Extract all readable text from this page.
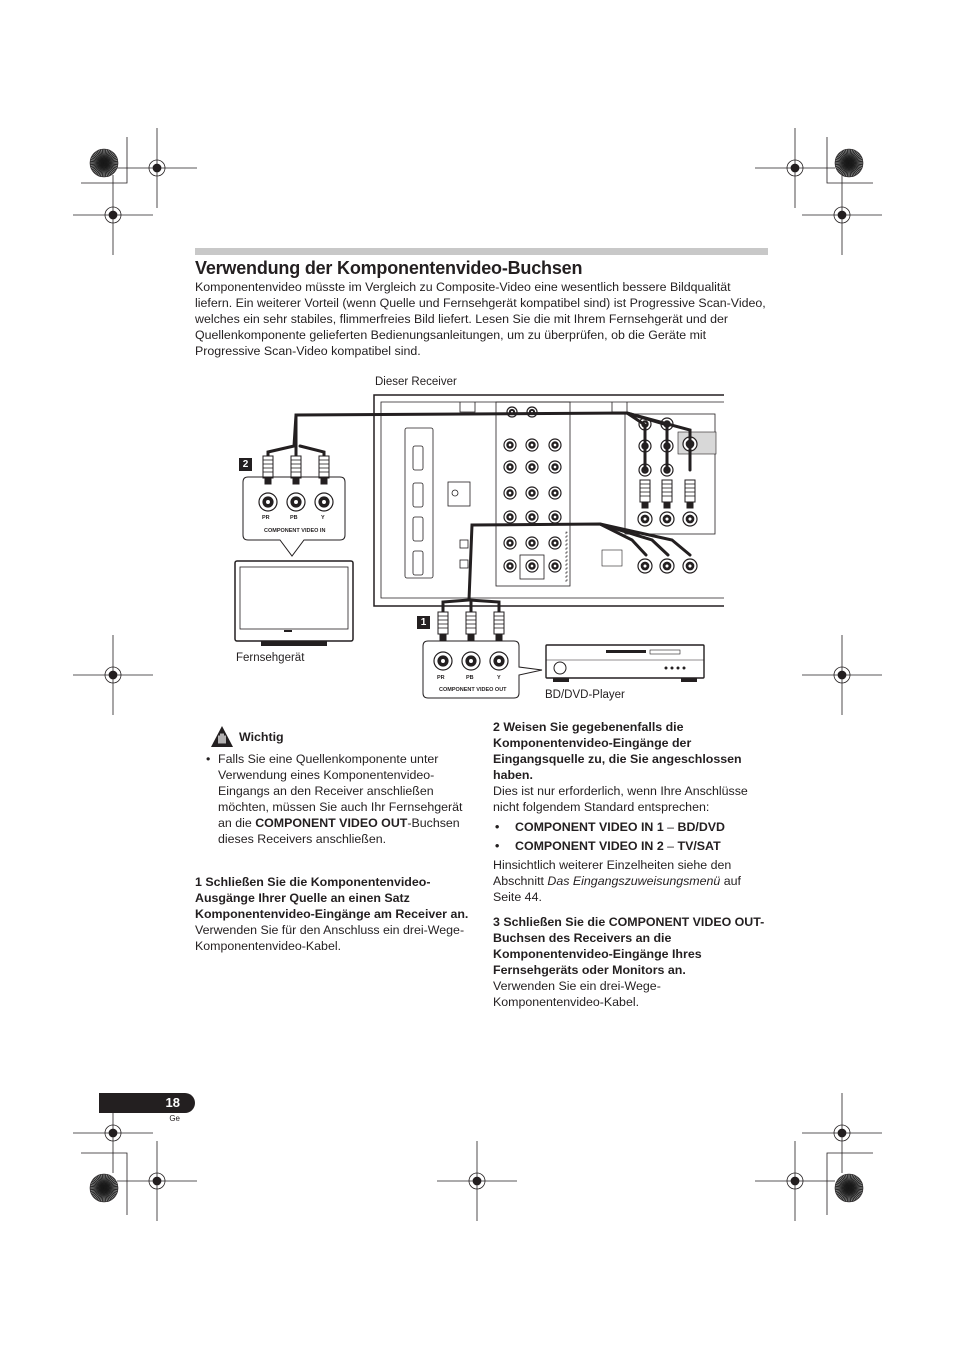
Verwendung der Komponentenvideo-Buchsen
Komponentenvideo müsste im Vergleich zu Composite-Video eine wesentlich bessere Bildqualität liefern. Ein weiterer Vorteil (wenn Quelle und Fernsehgerät kompatibel sind) ist Progressive Scan-Video, welches ein sehr stabiles, flimmerfreies Bild liefert. Lesen Sie die mit Ihrem Fernsehgerät und der Quellenkomponente gelieferten Bedienungsanleitungen, um zu überprüfen, ob die Geräte mit Progressive Scan-Video kompatibel sind.
Dieser Receiver
Fernsehgerät
BD/DVD-Player
2
1
PR	PB	Y
COMPONENT VIDEO IN
PR	PB	Y
COMPONENT VIDEO OUT
Wichtig
• Falls Sie eine Quellenkomponente unter Verwendung eines Komponentenvideo-Eingangs an den Receiver anschließen möchten, müssen Sie auch Ihr Fernsehgerät an die COMPONENT VIDEO OUT-Buchsen dieses Receivers anschließen.

1 Schließen Sie die Komponentenvideo-Ausgänge Ihrer Quelle an einen Satz Komponentenvideo-Eingänge am Receiver an.

Verwenden Sie für den Anschluss ein drei-Wege-Komponentenvideo-Kabel.

2 Weisen Sie gegebenenfalls die Komponentenvideo-Eingänge der Eingangsquelle zu, die Sie angeschlossen haben.

Dies ist nur erforderlich, wenn Ihre Anschlüsse nicht folgendem Standard entsprechen:

• COMPONENT VIDEO IN 1 – BD/DVD
• COMPONENT VIDEO IN 2 – TV/SAT

Hinsichtlich weiterer Einzelheiten siehe den Abschnitt Das Eingangszuweisungsmenü auf Seite 44.

3 Schließen Sie die COMPONENT VIDEO OUT-Buchsen des Receivers an die Komponentenvideo-Eingänge Ihres Fernsehgeräts oder Monitors an.

Verwenden Sie ein drei-Wege-Komponentenvideo-Kabel.

18
Ge
